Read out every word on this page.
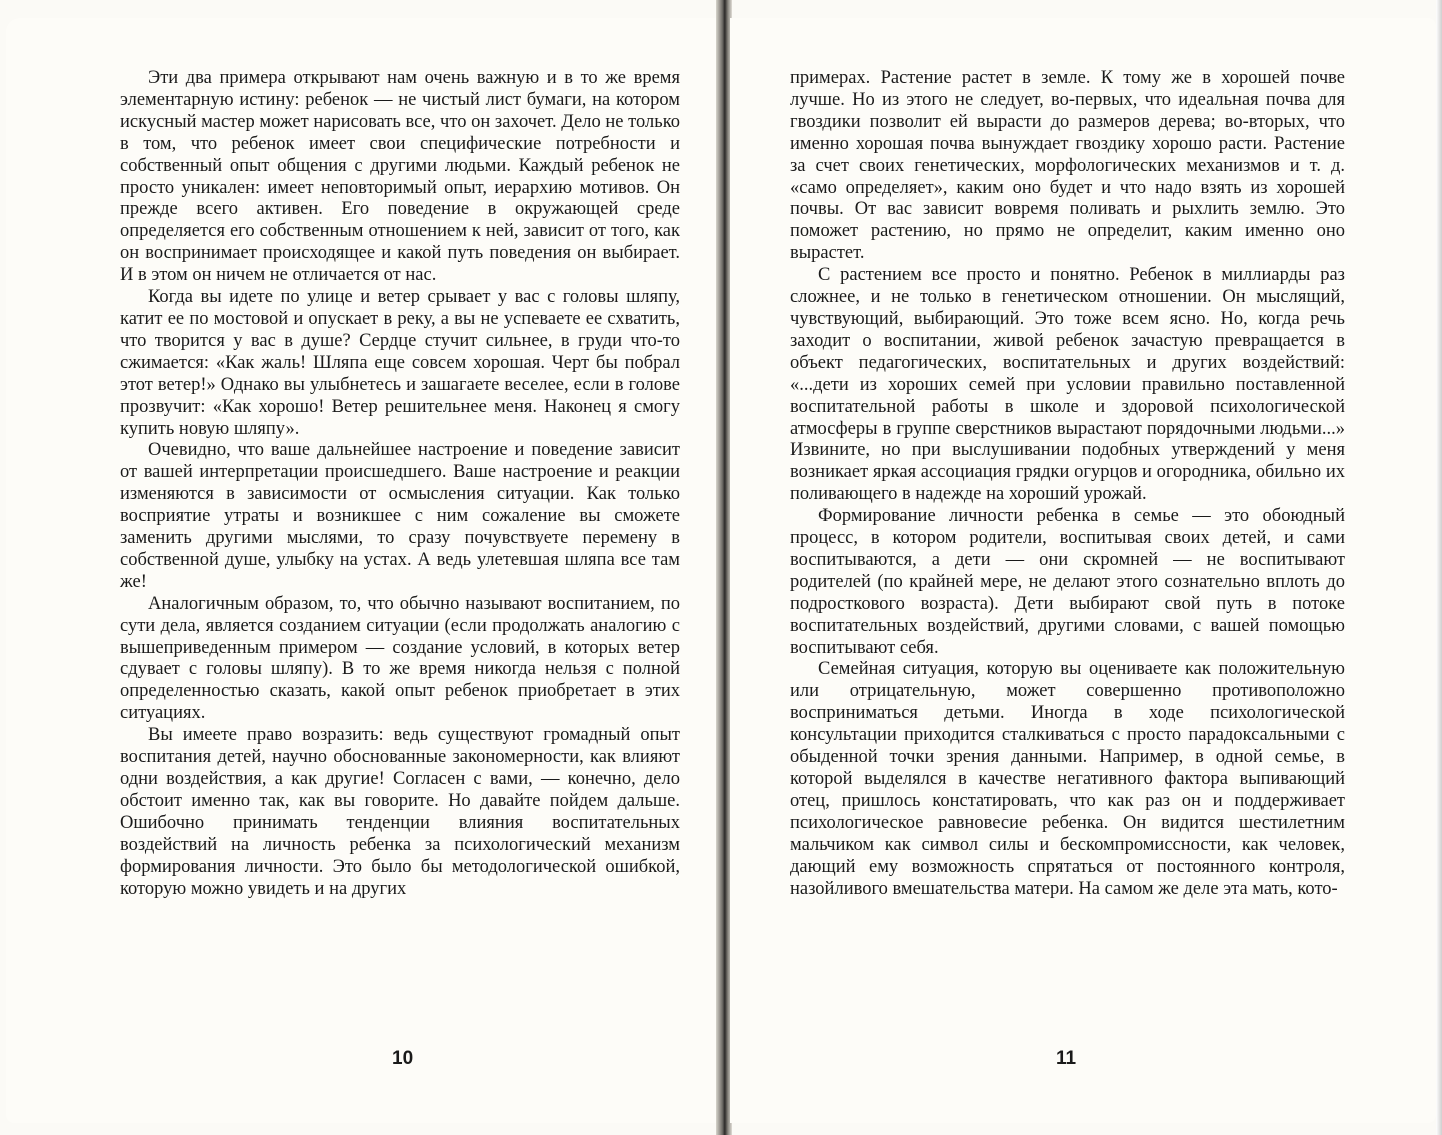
Эти два примера открывают нам очень важную и в то же время элементарную истину: ребенок — не чистый лист бумаги, на котором искусный мастер может нарисовать все, что он захочет. Дело не только в том, что ребенок имеет свои специфические потребности и собственный опыт общения с другими людьми. Каждый ребенок не просто уникален: имеет неповторимый опыт, иерархию мотивов. Он прежде всего активен. Его поведение в окружающей среде определяется его собственным отношением к ней, зависит от того, как он воспринимает происходящее и какой путь поведения он выбирает. И в этом он ничем не отличается от нас.

Когда вы идете по улице и ветер срывает у вас с головы шляпу, катит ее по мостовой и опускает в реку, а вы не успеваете ее схватить, что творится у вас в душе? Сердце стучит сильнее, в груди что-то сжимается: «Как жаль! Шляпа еще совсем хорошая. Черт бы побрал этот ветер!» Однако вы улыбнетесь и зашагаете веселее, если в голове прозвучит: «Как хорошо! Ветер решительнее меня. Наконец я смогу купить новую шляпу».

Очевидно, что ваше дальнейшее настроение и поведение зависит от вашей интерпретации происшедшего. Ваше настроение и реакции изменяются в зависимости от осмысления ситуации. Как только восприятие утраты и возникшее с ним сожаление вы сможете заменить другими мыслями, то сразу почувствуете перемену в собственной душе, улыбку на устах. А ведь улетевшая шляпа все там же!

Аналогичным образом, то, что обычно называют воспитанием, по сути дела, является созданием ситуации (если продолжать аналогию с вышеприведенным примером — создание условий, в которых ветер сдувает с головы шляпу). В то же время никогда нельзя с полной определенностью сказать, какой опыт ребенок приобретает в этих ситуациях.

Вы имеете право возразить: ведь существуют громадный опыт воспитания детей, научно обоснованные закономерности, как влияют одни воздействия, а как другие! Согласен с вами, — конечно, дело обстоит именно так, как вы говорите. Но давайте пойдем дальше. Ошибочно принимать тенденции влияния воспитательных воздействий на личность ребенка за психологический механизм формирования личности. Это было бы методологической ошибкой, которую можно увидеть и на других

10

примерах. Растение растет в земле. К тому же в хорошей почве лучше. Но из этого не следует, во-первых, что идеальная почва для гвоздики позволит ей вырасти до размеров дерева; во-вторых, что именно хорошая почва вынуждает гвоздику хорошо расти. Растение за счет своих генетических, морфологических механизмов и т. д. «само определяет», каким оно будет и что надо взять из хорошей почвы. От вас зависит вовремя поливать и рыхлить землю. Это поможет растению, но прямо не определит, каким именно оно вырастет.

С растением все просто и понятно. Ребенок в миллиарды раз сложнее, и не только в генетическом отношении. Он мыслящий, чувствующий, выбирающий. Это тоже всем ясно. Но, когда речь заходит о воспитании, живой ребенок зачастую превращается в объект педагогических, воспитательных и других воздействий: «...дети из хороших семей при условии правильно поставленной воспитательной работы в школе и здоровой психологической атмосферы в группе сверстников вырастают порядочными людьми...» Извините, но при выслушивании подобных утверждений у меня возникает яркая ассоциация грядки огурцов и огородника, обильно их поливающего в надежде на хороший урожай.

Формирование личности ребенка в семье — это обоюдный процесс, в котором родители, воспитывая своих детей, и сами воспитываются, а дети — они скромней — не воспитывают родителей (по крайней мере, не делают этого сознательно вплоть до подросткового возраста). Дети выбирают свой путь в потоке воспитательных воздействий, другими словами, с вашей помощью воспитывают себя.

Семейная ситуация, которую вы оцениваете как положительную или отрицательную, может совершенно противоположно восприниматься детьми. Иногда в ходе психологической консультации приходится сталкиваться с просто парадоксальными с обыденной точки зрения данными. Например, в одной семье, в которой выделялся в качестве негативного фактора выпивающий отец, пришлось констатировать, что как раз он и поддерживает психологическое равновесие ребенка. Он видится шестилетним мальчиком как символ силы и бескомпромиссности, как человек, дающий ему возможность спрятаться от постоянного контроля, назойливого вмешательства матери. На самом же деле эта мать, кото-

11
